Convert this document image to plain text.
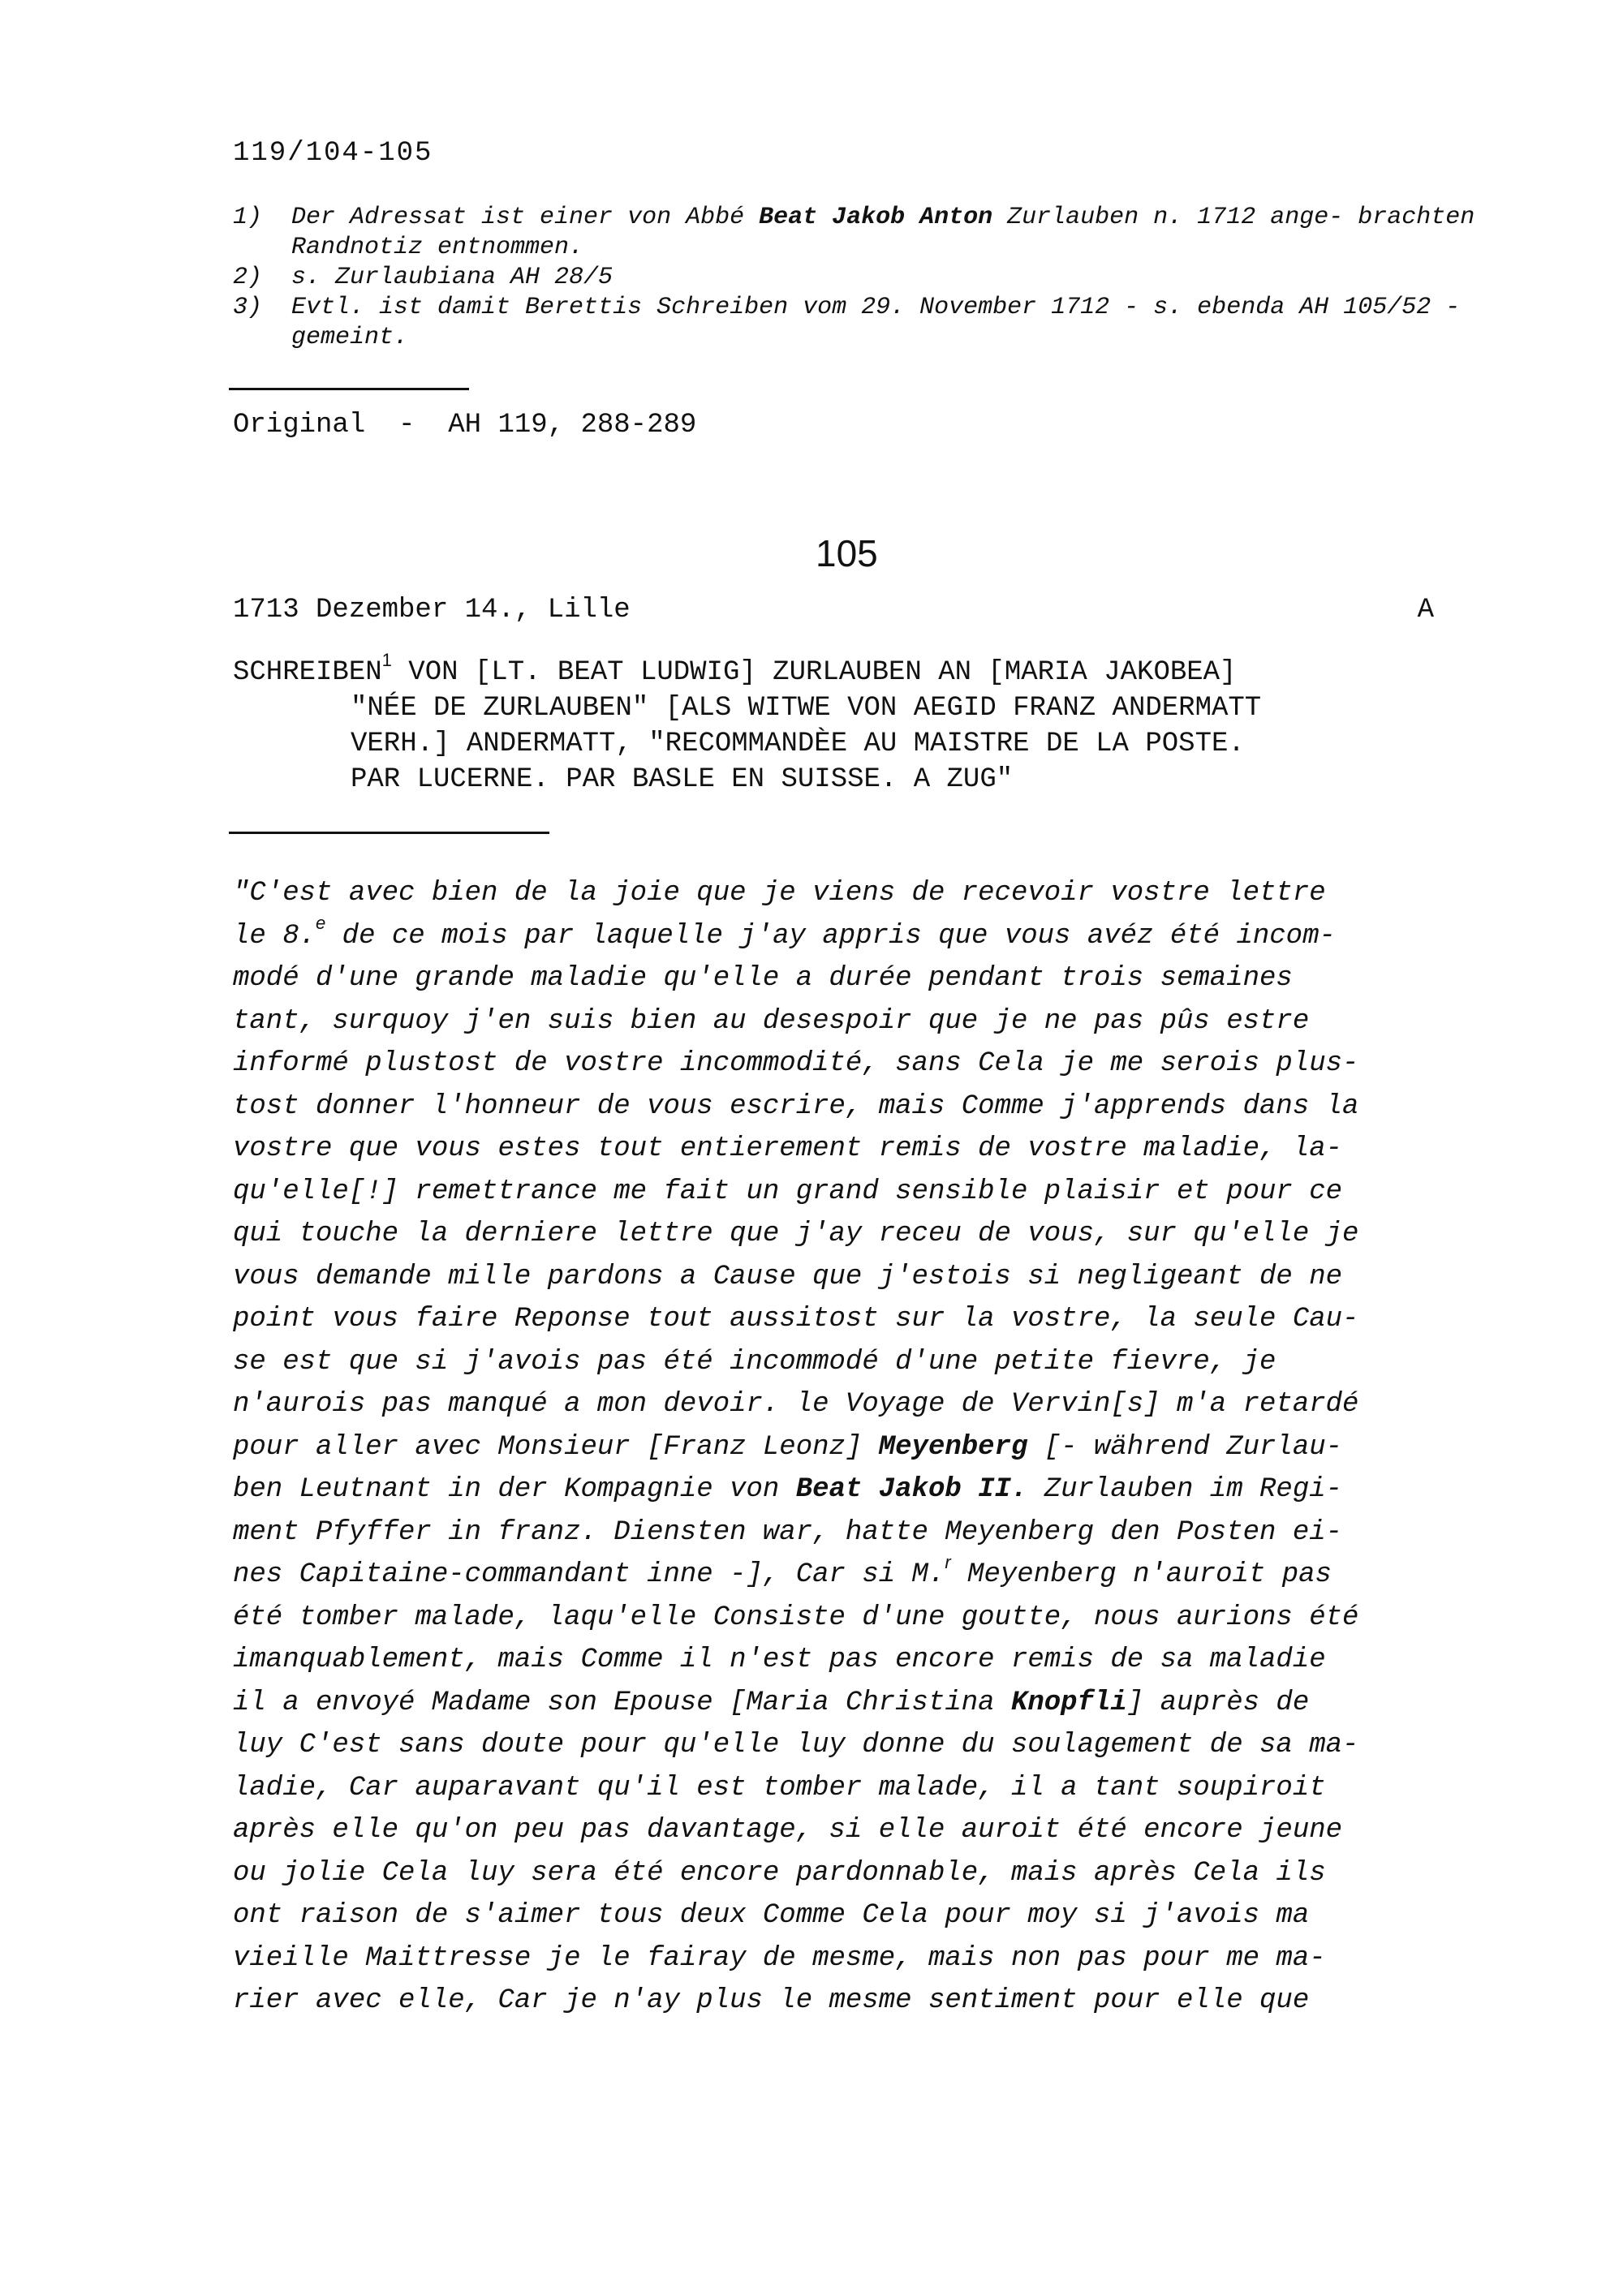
119/104-105
1) Der Adressat ist einer von Abbé Beat Jakob Anton Zurlauben n. 1712 ange- brachten Randnotiz entnommen.
2) s. Zurlaubiana AH 28/5
3) Evtl. ist damit Berettis Schreiben vom 29. November 1712 - s. ebenda AH 105/52 - gemeint.
Original  -  AH 119, 288-289
105
1713 Dezember 14., Lille	A
SCHREIBEN$^1$ VON [LT. BEAT LUDWIG] ZURLAUBEN AN [MARIA JAKOBEA]
"NÉE DE ZURLAUBEN" [ALS WITWE VON AEGID FRANZ ANDERMATT
VERH.] ANDERMATT, "RECOMMANDÈE AU MAISTRE DE LA POSTE.
PAR LUCERNE. PAR BASLE EN SUISSE. A ZUG"
"C'est avec bien de la joie que je viens de recevoir vostre lettre
le 8.$^e$ de ce mois par laquelle j'ay appris que vous avéz été incom-
modé d'une grande maladie qu'elle a durée pendant trois semaines
tant, surquoy j'en suis bien au desespoir que je ne pas pûs estre
informé plustost de vostre incommodité, sans Cela je me serois plus-
tost donner l'honneur de vous escrire, mais Comme j'apprends dans la
vostre que vous estes tout entierement remis de vostre maladie, la-
qu'elle[!] remettrance me fait un grand sensible plaisir et pour ce
qui touche la derniere lettre que j'ay receu de vous, sur qu'elle je
vous demande mille pardons a Cause que j'estois si negligeant de ne
point vous faire Reponse tout aussitost sur la vostre, la seule Cau-
se est que si j'avois pas été incommodé d'une petite fievre, je
n'aurois pas manqué a mon devoir. le Voyage de Vervin[s] m'a retardé
pour aller avec Monsieur [Franz Leonz] Meyenberg [- während Zurlau-
ben Leutnant in der Kompagnie von Beat Jakob II. Zurlauben im Regi-
ment Pfyffer in franz. Diensten war, hatte Meyenberg den Posten ei-
nes Capitaine-commandant inne -], Car si M.$^r$ Meyenberg n'auroit pas
été tomber malade, laqu'elle Consiste d'une goutte, nous aurions été
imanquablement, mais Comme il n'est pas encore remis de sa maladie
il a envoyé Madame son Epouse [Maria Christina Knopfli] auprès de
luy C'est sans doute pour qu'elle luy donne du soulagement de sa ma-
ladie, Car auparavant qu'il est tomber malade, il a tant soupiroit
après elle qu'on peu pas davantage, si elle auroit été encore jeune
ou jolie Cela luy sera été encore pardonnable, mais après Cela ils
ont raison de s'aimer tous deux Comme Cela pour moy si j'avois ma
vieille Maittresse je le fairay de mesme, mais non pas pour me ma-
rier avec elle, Car je n'ay plus le mesme sentiment pour elle que
